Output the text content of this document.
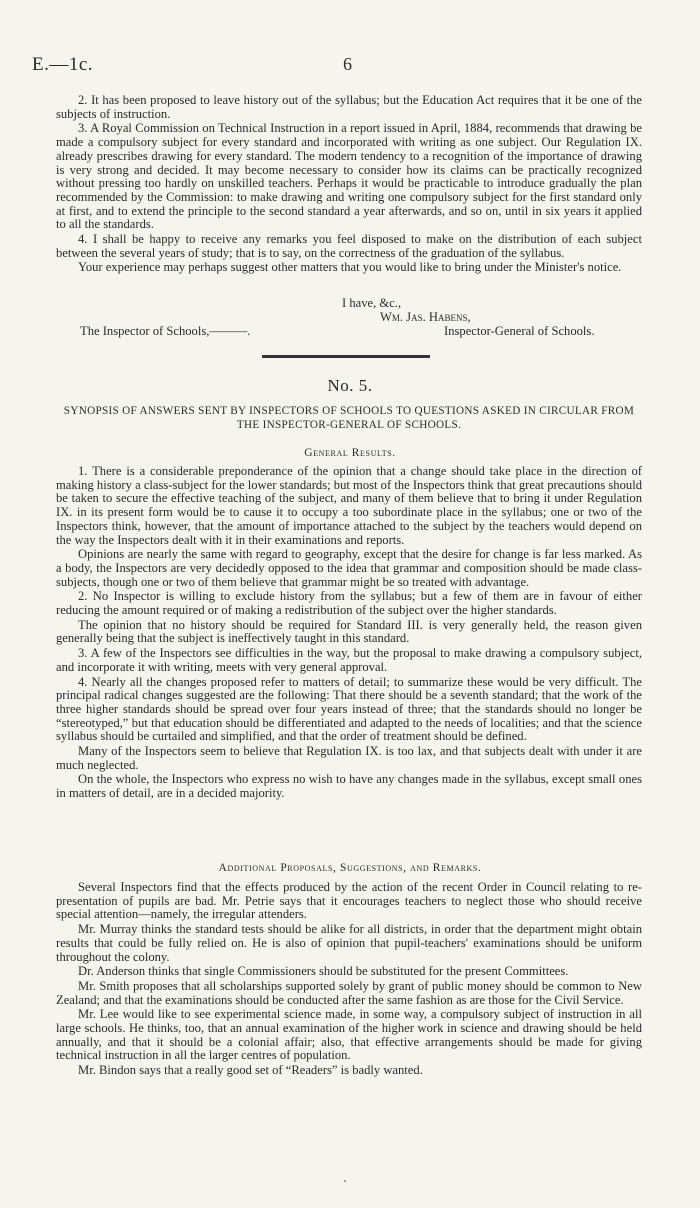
E.—1c.	6

2. It has been proposed to leave history out of the syllabus; but the Education Act requires that it be one of the subjects of instruction.

3. A Royal Commission on Technical Instruction in a report issued in April, 1884, recommends that drawing be made a compulsory subject for every standard and incorporated with writing as one subject. Our Regulation IX. already prescribes drawing for every standard. The modern tendency to a recognition of the importance of drawing is very strong and decided. It may become necessary to consider how its claims can be practically recognized without pressing too hardly on unskilled teachers. Perhaps it would be practicable to introduce gradually the plan recommended by the Commission: to make drawing and writing one compulsory subject for the first standard only at first, and to extend the principle to the second standard a year afterwards, and so on, until in six years it applied to all the standards.

4. I shall be happy to receive any remarks you feel disposed to make on the distribution of each subject between the several years of study; that is to say, on the correctness of the graduation of the syllabus.

Your experience may perhaps suggest other matters that you would like to bring under the Minister's notice.

I have, &c.,
Wm. Jas. Habens,
The Inspector of Schools,———.	Inspector-General of Schools.
No. 5.
SYNOPSIS OF ANSWERS SENT BY INSPECTORS OF SCHOOLS TO QUESTIONS ASKED IN CIRCULAR FROM THE INSPECTOR-GENERAL OF SCHOOLS.
General Results.

1. There is a considerable preponderance of the opinion that a change should take place in the direction of making history a class-subject for the lower standards; but most of the Inspectors think that great precautions should be taken to secure the effective teaching of the subject, and many of them believe that to bring it under Regulation IX. in its present form would be to cause it to occupy a too subordinate place in the syllabus; one or two of the Inspectors think, however, that the amount of importance attached to the subject by the teachers would depend on the way the Inspectors dealt with it in their examinations and reports.

Opinions are nearly the same with regard to geography, except that the desire for change is far less marked. As a body, the Inspectors are very decidedly opposed to the idea that grammar and composition should be made class-subjects, though one or two of them believe that grammar might be so treated with advantage.

2. No Inspector is willing to exclude history from the syllabus; but a few of them are in favour of either reducing the amount required or of making a redistribution of the subject over the higher standards.

The opinion that no history should be required for Standard III. is very generally held, the reason given generally being that the subject is ineffectively taught in this standard.

3. A few of the Inspectors see difficulties in the way, but the proposal to make drawing a compulsory subject, and incorporate it with writing, meets with very general approval.

4. Nearly all the changes proposed refer to matters of detail; to summarize these would be very difficult. The principal radical changes suggested are the following: That there should be a seventh standard; that the work of the three higher standards should be spread over four years instead of three; that the standards should no longer be “stereotyped,” but that education should be differentiated and adapted to the needs of localities; and that the science syllabus should be curtailed and simplified, and that the order of treatment should be defined.

Many of the Inspectors seem to believe that Regulation IX. is too lax, and that subjects dealt with under it are much neglected.

On the whole, the Inspectors who express no wish to have any changes made in the syllabus, except small ones in matters of detail, are in a decided majority.

Additional Proposals, Suggestions, and Remarks.

Several Inspectors find that the effects produced by the action of the recent Order in Council relating to re-presentation of pupils are bad. Mr. Petrie says that it encourages teachers to neglect those who should receive special attention—namely, the irregular attenders.

Mr. Murray thinks the standard tests should be alike for all districts, in order that the department might obtain results that could be fully relied on. He is also of opinion that pupil-teachers' examinations should be uniform throughout the colony.

Dr. Anderson thinks that single Commissioners should be substituted for the present Committees.

Mr. Smith proposes that all scholarships supported solely by grant of public money should be common to New Zealand; and that the examinations should be conducted after the same fashion as are those for the Civil Service.

Mr. Lee would like to see experimental science made, in some way, a compulsory subject of instruction in all large schools. He thinks, too, that an annual examination of the higher work in science and drawing should be held annually, and that it should be a colonial affair; also, that effective arrangements should be made for giving technical instruction in all the larger centres of population.

Mr. Bindon says that a really good set of “Readers” is badly wanted.
